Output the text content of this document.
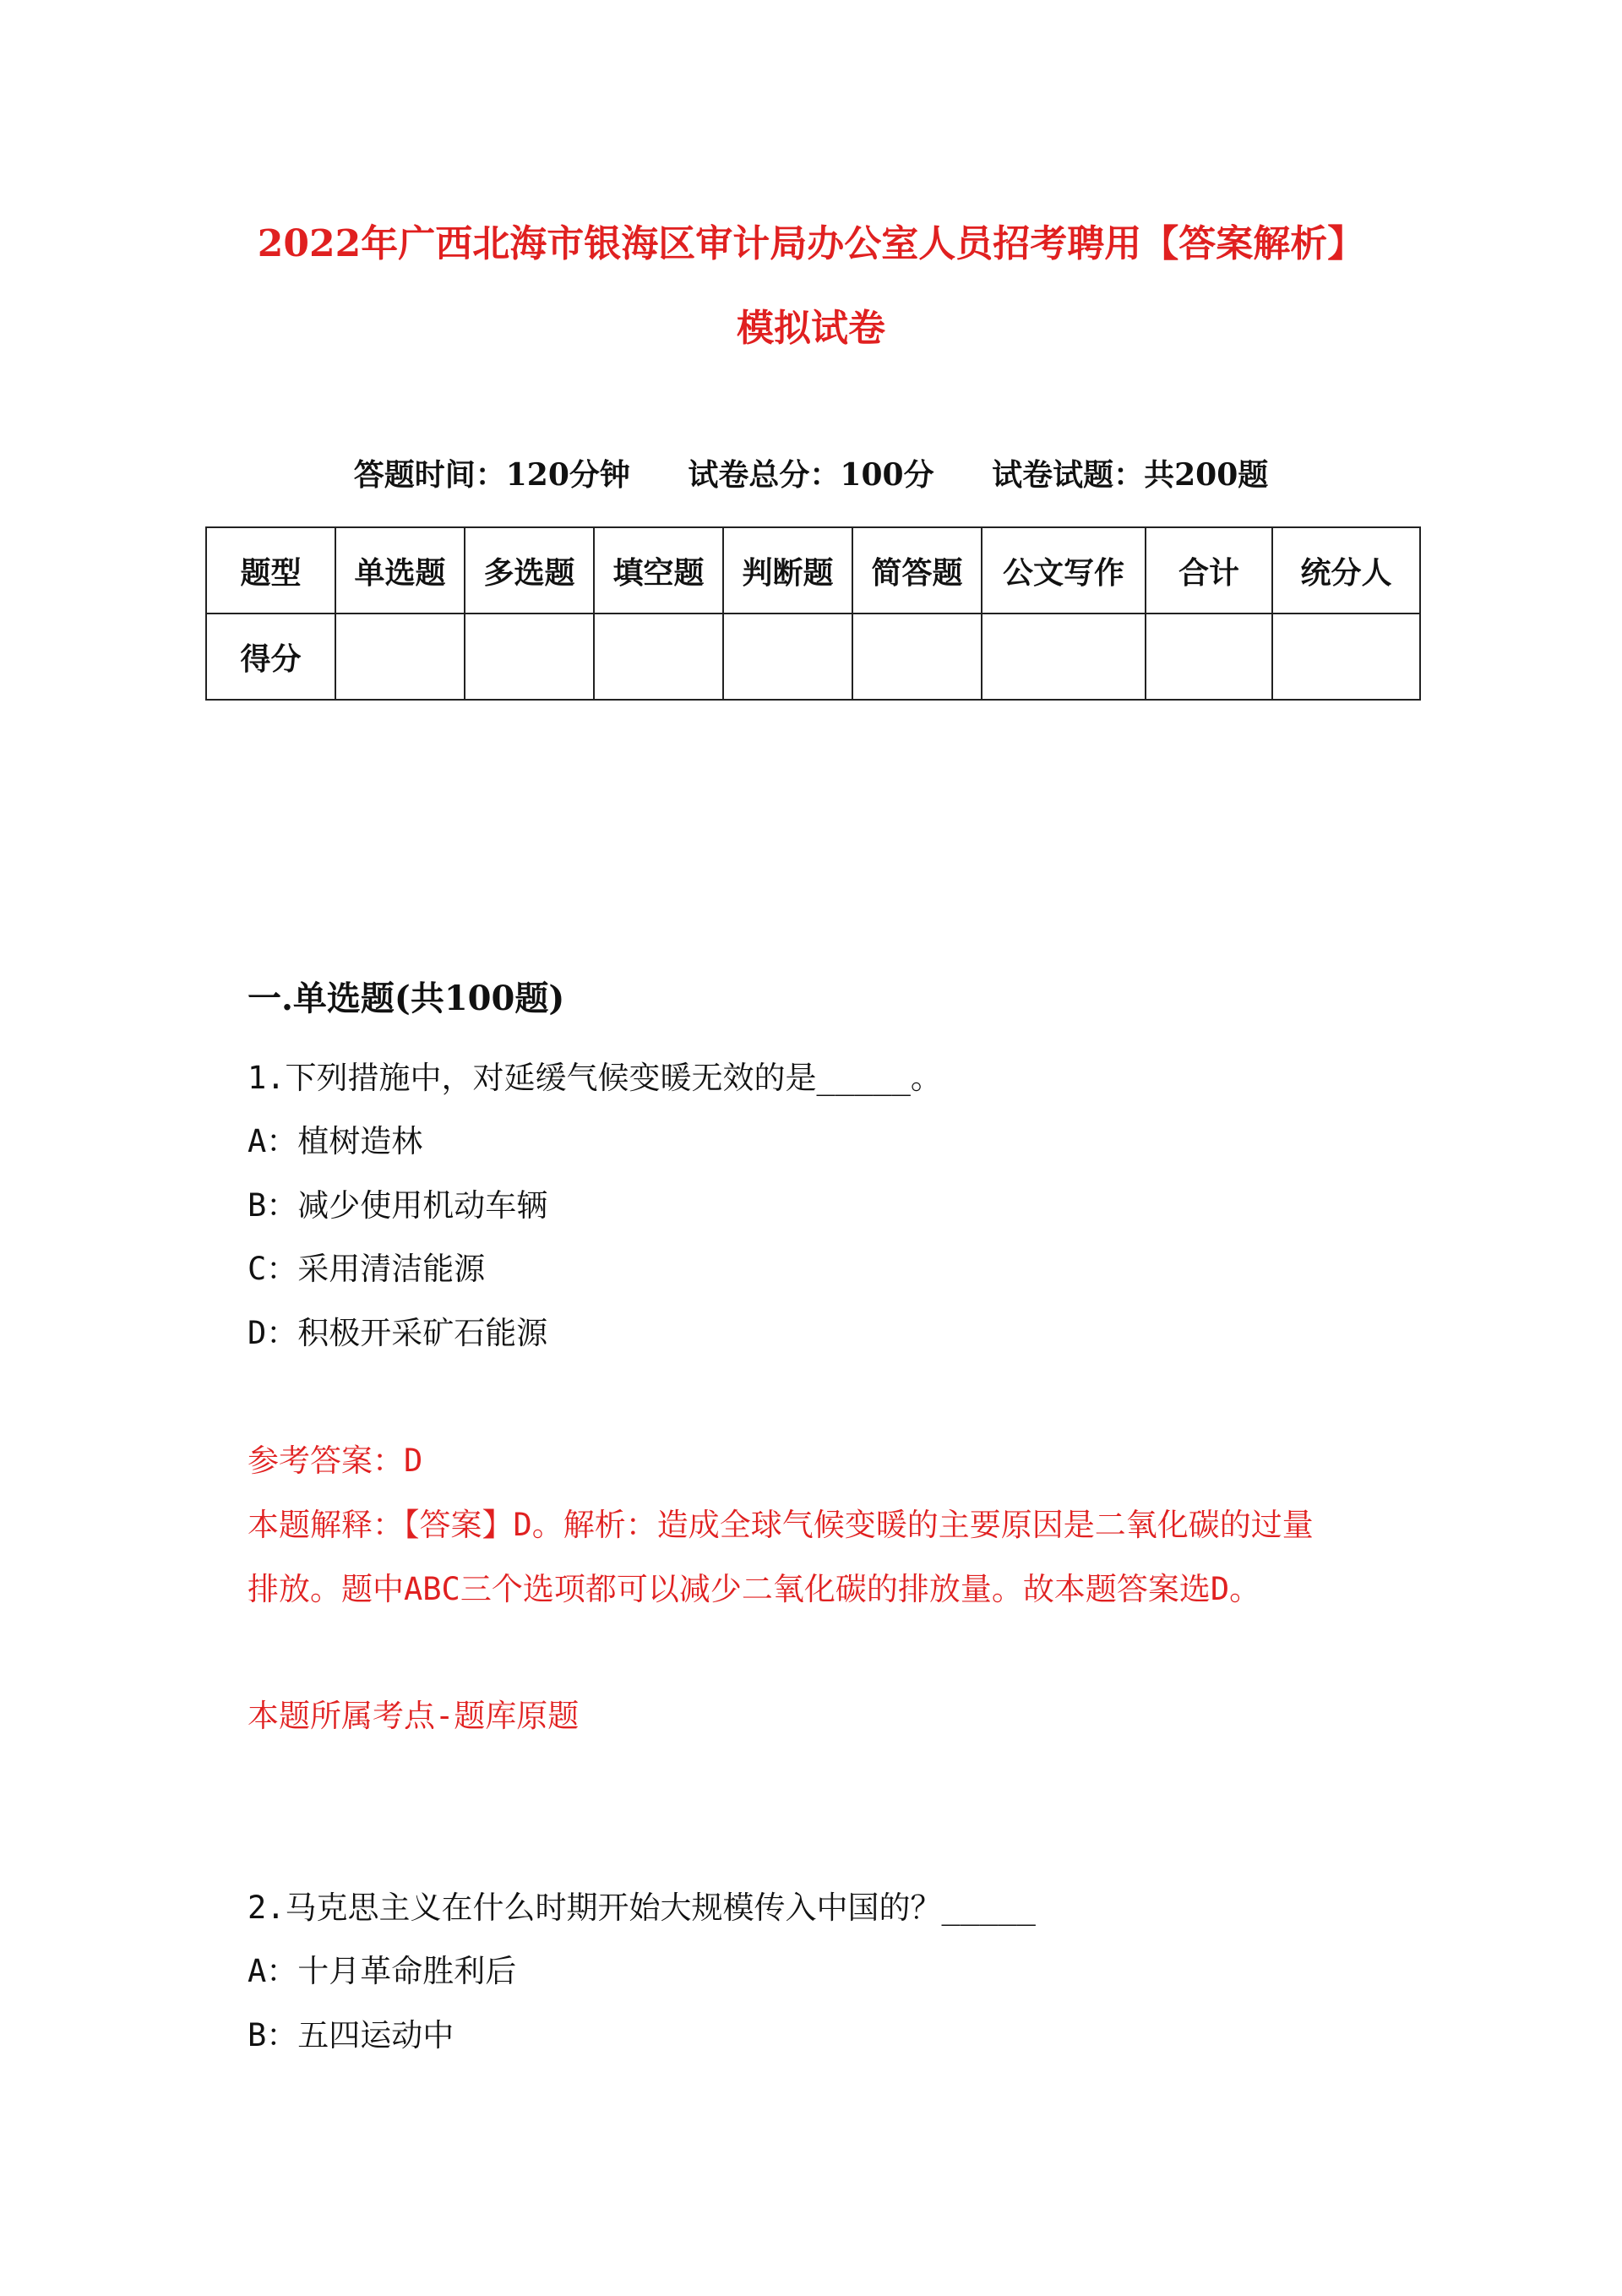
2022年广西北海市银海区审计局办公室人员招考聘用【答案解析】
模拟试卷
答题时间：120分钟 试卷总分：100分 试卷试题：共200题
题型	单选题	多选题	填空题	判断题	简答题	公文写作	合计	统分人
得分								
一.单选题(共100题)
1.下列措施中，对延缓气候变暖无效的是_____。
A：植树造林
B：减少使用机动车辆
C：采用清洁能源
D：积极开采矿石能源
参考答案：D
本题解释：【答案】D。解析：造成全球气候变暖的主要原因是二氧化碳的过量
排放。题中ABC三个选项都可以减少二氧化碳的排放量。故本题答案选D。
本题所属考点-题库原题
2.马克思主义在什么时期开始大规模传入中国的？_____
A：十月革命胜利后
B：五四运动中
